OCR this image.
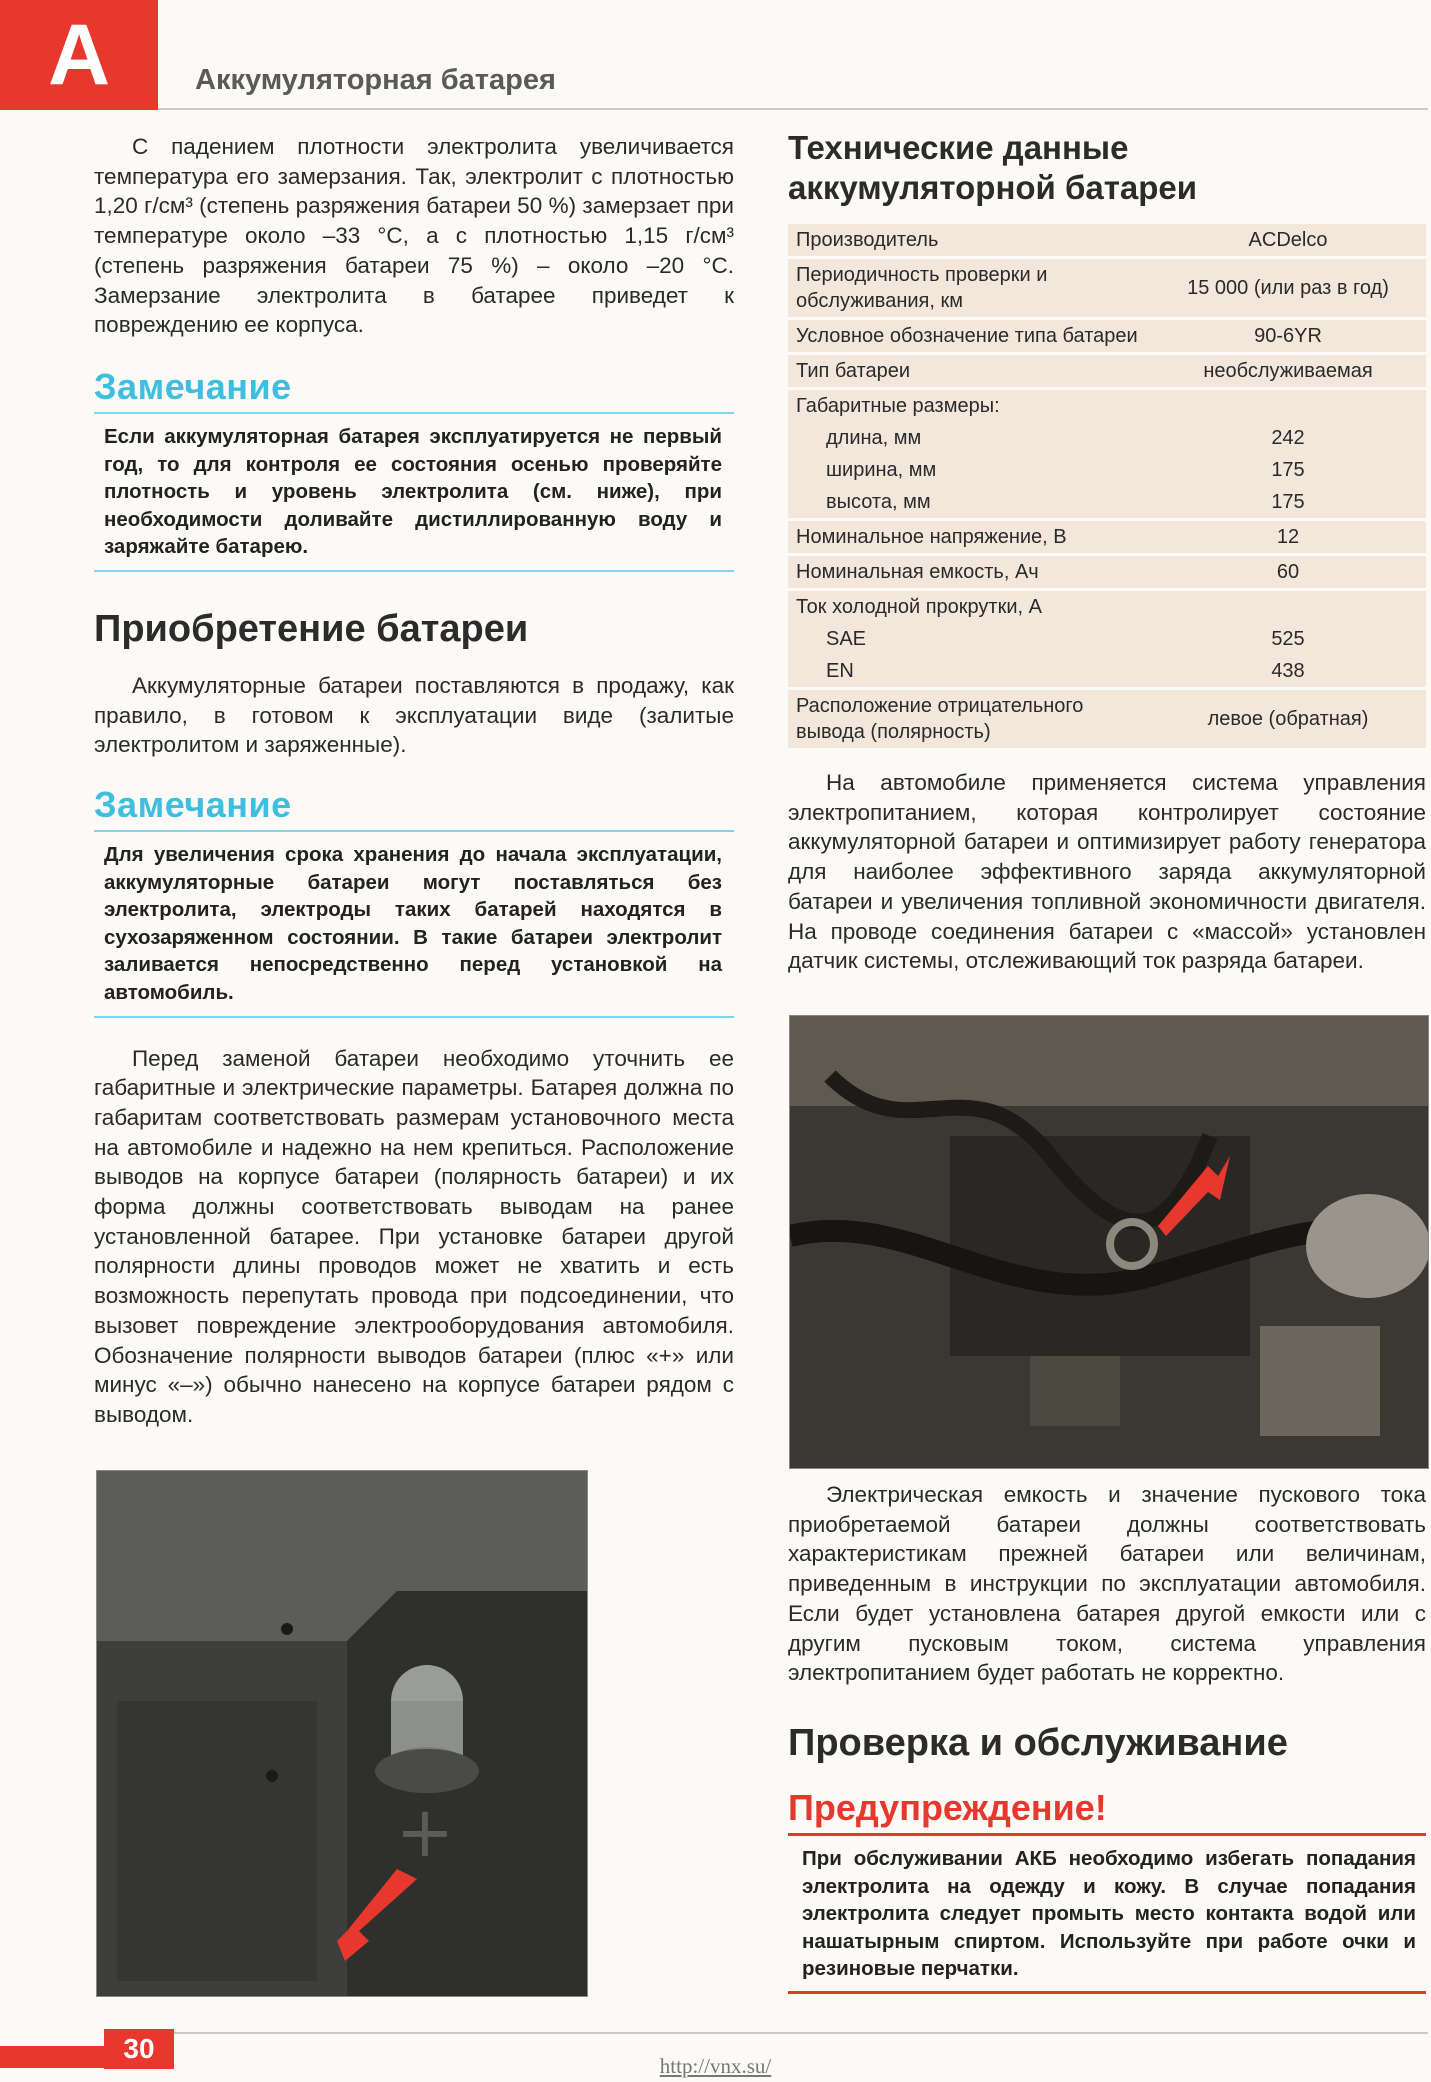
A	Аккумуляторная батарея

С падением плотности электролита увеличивается температура его замерзания. Так, электролит с плотностью 1,20 г/см³ (степень разряжения батареи 50 %) замерзает при температуре около –33 °С, а с плотностью 1,15 г/см³ (степень разряжения батареи 75 %) – около –20 °С. Замерзание электролита в батарее приведет к повреждению ее корпуса.

Замечание

Если аккумуляторная батарея эксплуатируется не первый год, то для контроля ее состояния осенью проверяйте плотность и уровень электролита (см. ниже), при необходимости доливайте дистиллированную воду и заряжайте батарею.

Приобретение батареи

Аккумуляторные батареи поставляются в продажу, как правило, в готовом к эксплуатации виде (залитые электролитом и заряженные).

Замечание

Для увеличения срока хранения до начала эксплуатации, аккумуляторные батареи могут поставляться без электролита, электроды таких батарей находятся в сухозаряженном состоянии. В такие батареи электролит заливается непосредственно перед установкой на автомобиль.

Перед заменой батареи необходимо уточнить ее габаритные и электрические параметры. Батарея должна по габаритам соответствовать размерам установочного места на автомобиле и надежно на нем крепиться. Расположение выводов на корпусе батареи (полярность батареи) и их форма должны соответствовать выводам на ранее установленной батарее. При установке батареи другой полярности длины проводов может не хватить и есть возможность перепутать провода при подсоединении, что вызовет повреждение электрооборудования автомобиля. Обозначение полярности выводов батареи (плюс «+» или минус «–») обычно нанесено на корпусе батареи рядом с выводом.

+
Технические данные
аккумуляторной батареи
Производитель	ACDelco
Периодичность проверки и обслуживания, км	15 000 (или раз в год)
Условное обозначение типа батареи	90-6YR
Тип батареи	необслуживаемая
Габаритные размеры:	
длина, мм	242
ширина, мм	175
высота, мм	175
Номинальное напряжение, В	12
Номинальная емкость, Ач	60
Ток холодной прокрутки, А	
SAE	525
EN	438
Расположение отрицательного вывода (полярность)	левое (обратная)

На автомобиле применяется система управления электропитанием, которая контролирует состояние аккумуляторной батареи и оптимизирует работу генератора для наиболее эффективного заряда аккумуляторной батареи и увеличения топливной экономичности двигателя. На проводе соединения батареи с «массой» установлен датчик системы, отслеживающий ток разряда батареи.

Электрическая емкость и значение пускового тока приобретаемой батареи должны соответствовать характеристикам прежней батареи или величинам, приведенным в инструкции по эксплуатации автомобиля. Если будет установлена батарея другой емкости или с другим пусковым током, система управления электропитанием будет работать не корректно.

Проверка и обслуживание
Предупреждение!

При обслуживании АКБ необходимо избегать попадания электролита на одежду и кожу. В случае попадания электролита следует промыть место контакта водой или нашатырным спиртом. Используйте при работе очки и резиновые перчатки.

30
http://vnx.su/
